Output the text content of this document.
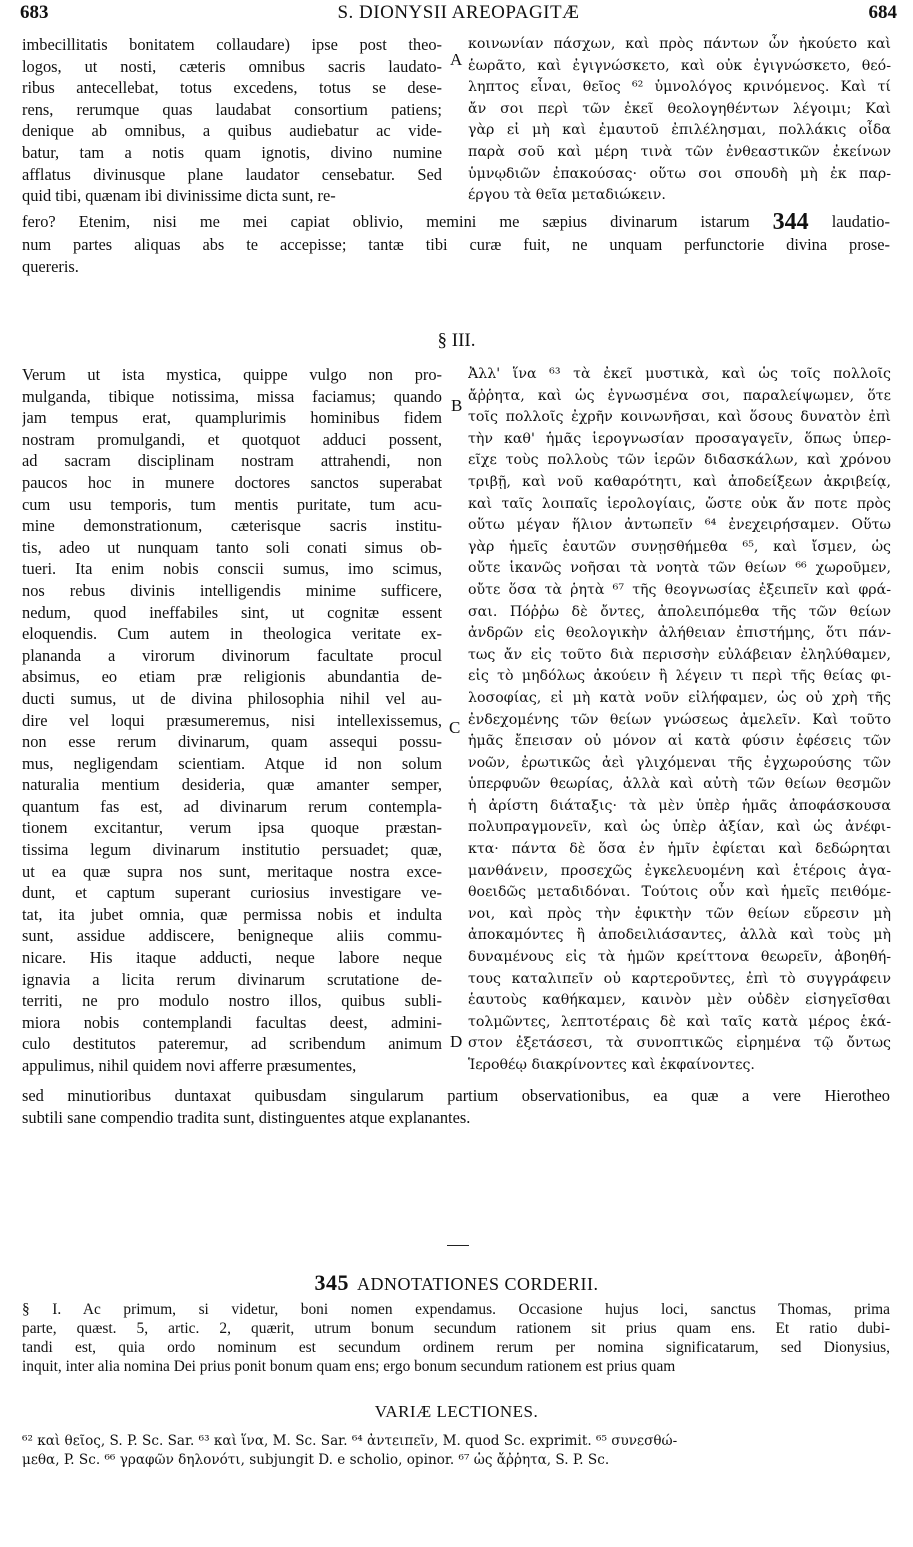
683	S. DIONYSII AREOPAGITÆ	684
imbecillitatis bonitatem collaudare) ipse post theo-
logos, ut nosti, cæteris omnibus sacris laudato-
ribus antecellebat, totus excedens, totus se dese-
rens, rerumque quas laudabat consortium patiens;
denique ab omnibus, a quibus audiebatur ac vide-
batur, tam a notis quam ignotis, divino numine
afflatus divinusque plane laudator censebatur. Sed
quid tibi, quænam ibi divinissime dicta sunt, re-
A
κοινωνίαν πάσχων, καὶ πρὸς πάντων ὧν ἠκούετο καὶ
ἑωρᾶτο, καὶ ἐγιγνώσκετο, καὶ οὐκ ἐγιγνώσκετο, θεό-
ληπτος εἶναι, θεῖος ⁶² ὑμνολόγος κρινόμενος. Καὶ τί
ἄν σοι περὶ τῶν ἐκεῖ θεολογηθέντων λέγοιμι; Καὶ
γὰρ εἰ μὴ καὶ ἐμαυτοῦ ἐπιλέλησμαι, πολλάκις οἶδα
παρὰ σοῦ καὶ μέρη τινὰ τῶν ἐνθεαστικῶν ἐκείνων
ὑμνῳδιῶν ἐπακούσας· οὕτω σοι σπουδὴ μὴ ἐκ παρ-
έργου τὰ θεῖα μεταδιώκειν.
fero? Etenim, nisi me mei capiat oblivio, memini me sæpius divinarum istarum 344 laudatio-
num partes aliquas abs te accepisse; tantæ tibi curæ fuit, ne unquam perfunctorie divina prose-
quereris.
§ III.
Verum ut ista mystica, quippe vulgo non pro-
mulganda, tibique notissima, missa faciamus; quando
jam tempus erat, quamplurimis hominibus fidem
nostram promulgandi, et quotquot adduci possent,
ad sacram disciplinam nostram attrahendi, non
paucos hoc in munere doctores sanctos superabat
cum usu temporis, tum mentis puritate, tum acu-
mine demonstrationum, cæterisque sacris institu-
tis, adeo ut nunquam tanto soli conati simus ob-
tueri. Ita enim nobis conscii sumus, imo scimus,
nos rebus divinis intelligendis minime sufficere,
nedum, quod ineffabiles sint, ut cognitæ essent
eloquendis. Cum autem in theologica veritate ex-
planandа a virorum divinorum facultate procul
absimus, eo etiam præ religionis abundantia de-
ducti sumus, ut de divina philosophia nihil vel au-
dire vel loqui præsumeremus, nisi intellexissemus,
non esse rerum divinarum, quam assequi possu-
mus, negligendam scientiam. Atque id non solum
naturalia mentium desideria, quæ amanter semper,
quantum fas est, ad divinarum rerum contempla-
tionem excitantur, verum ipsa quoque præstan-
tissima legum divinarum institutio persuadet; quæ,
ut ea quæ supra nos sunt, meritaque nostra exce-
dunt, et captum superant curiosius investigare ve-
tat, ita jubet omnia, quæ permissa nobis et indulta
sunt, assidue addiscere, benigneque aliis commu-
nicare. His itaque adducti, neque labore neque
ignavia a licita rerum divinarum scrutatione de-
territi, ne pro modulo nostro illos, quibus subli-
miora nobis contemplandi facultas deest, admini-
culo destitutos pateremur, ad scribendum animum
appulimus, nihil quidem novi afferre præsumentes,
B
C
D
Ἀλλ' ἵνα ⁶³ τὰ ἐκεῖ μυστικὰ, καὶ ὡς τοῖς πολλοῖς
ἄῤῥητα, καὶ ὡς ἐγνωσμένα σοι, παραλείψωμεν, ὅτε
τοῖς πολλοῖς ἐχρῆν κοινωνῆσαι, καὶ ὅσους δυνατὸν ἐπὶ
τὴν καθ' ἡμᾶς ἱερογνωσίαν προσαγαγεῖν, ὅπως ὑπερ-
εῖχε τοὺς πολλοὺς τῶν ἱερῶν διδασκάλων, καὶ χρόνου
τριβῇ, καὶ νοῦ καθαρότητι, καὶ ἀποδείξεων ἀκριβείᾳ,
καὶ ταῖς λοιπαῖς ἱερολογίαις, ὥστε οὐκ ἄν ποτε πρὸς
οὕτω μέγαν ἥλιον ἀντωπεῖν ⁶⁴ ἐνεχειρήσαμεν. Οὕτω
γὰρ ἡμεῖς ἑαυτῶν συνῃσθήμεθα ⁶⁵, καὶ ἴσμεν, ὡς
οὔτε ἱκανῶς νοῆσαι τὰ νοητὰ τῶν θείων ⁶⁶ χωροῦμεν,
οὔτε ὅσα τὰ ῥητὰ ⁶⁷ τῆς θεογνωσίας ἐξειπεῖν καὶ φρά-
σαι. Πόῤῥω δὲ ὄντες, ἀπολειπόμεθα τῆς τῶν θείων
ἀνδρῶν εἰς θεολογικὴν ἀλήθειαν ἐπιστήμης, ὅτι πάν-
τως ἄν εἰς τοῦτο διὰ περισσὴν εὐλάβειαν ἐληλύθαμεν,
εἰς τὸ μηδόλως ἀκούειν ἢ λέγειν τι περὶ τῆς θείας φι-
λοσοφίας, εἰ μὴ κατὰ νοῦν εἰλήφαμεν, ὡς οὐ χρὴ τῆς
ἐνδεχομένης τῶν θείων γνώσεως ἀμελεῖν. Καὶ τοῦτο
ἡμᾶς ἔπεισαν οὐ μόνον αἱ κατὰ φύσιν ἐφέσεις τῶν
νοῶν, ἐρωτικῶς ἀεὶ γλιχόμεναι τῆς ἐγχωρούσης τῶν
ὑπερφυῶν θεωρίας, ἀλλὰ καὶ αὐτὴ τῶν θείων θεσμῶν
ἡ ἀρίστη διάταξις· τὰ μὲν ὑπὲρ ἡμᾶς ἀποφάσκουσα
πολυπραγμονεῖν, καὶ ὡς ὑπὲρ ἀξίαν, καὶ ὡς ἀνέφι-
κτα· πάντα δὲ ὅσα ἐν ἡμῖν ἐφίεται καὶ δεδώρηται
μανθάνειν, προσεχῶς ἐγκελευομένη καὶ ἑτέροις ἀγα-
θοειδῶς μεταδιδόναι. Τούτοις οὖν καὶ ἡμεῖς πειθόμε-
νοι, καὶ πρὸς τὴν ἐφικτὴν τῶν θείων εὕρεσιν μὴ
ἀποκαμόντες ἢ ἀποδειλιάσαντες, ἀλλὰ καὶ τοὺς μὴ
δυναμένους εἰς τὰ ἡμῶν κρείττονα θεωρεῖν, ἀβοηθή-
τους καταλιπεῖν οὐ καρτεροῦντες, ἐπὶ τὸ συγγράφειν
ἑαυτοὺς καθήκαμεν, καινὸν μὲν οὐδὲν εἰσηγεῖσθαι
τολμῶντες, λεπτοτέραις δὲ καὶ ταῖς κατὰ μέρος ἑκά-
στον ἐξετάσεσι, τὰ συνοπτικῶς εἰρημένα τῷ ὄντως
Ἱεροθέῳ διακρίνοντες καὶ ἐκφαίνοντες.
sed minutioribus duntaxat quibusdam singularum partium observationibus, ea quæ a vere Hierotheo
subtili sane compendio tradita sunt, distinguentes atque explanantes.
345 ADNOTATIONES CORDERII.
§ I. Ac primum, si videtur, boni nomen expendamus. Occasione hujus loci, sanctus Thomas, prima
parte, quæst. 5, artic. 2, quærit, utrum bonum secundum rationem sit prius quam ens. Et ratio dubi-
tandi est, quia ordo nominum est secundum ordinem rerum per nomina significatarum, sed Dionysius,
inquit, inter alia nomina Dei prius ponit bonum quam ens; ergo bonum secundum rationem est prius quam
VARIÆ LECTIONES.
⁶² καὶ θεῖος, S. P. Sc. Sar. ⁶³ καὶ ἵνα, M. Sc. Sar. ⁶⁴ ἀντειπεῖν, M. quod Sc. exprimit. ⁶⁵ συνεσθώ-
μεθα, P. Sc. ⁶⁶ γραφῶν δηλονότι, subjungit D. e scholio, opinor. ⁶⁷ ὡς ἄῤῥητα, S. P. Sc.
